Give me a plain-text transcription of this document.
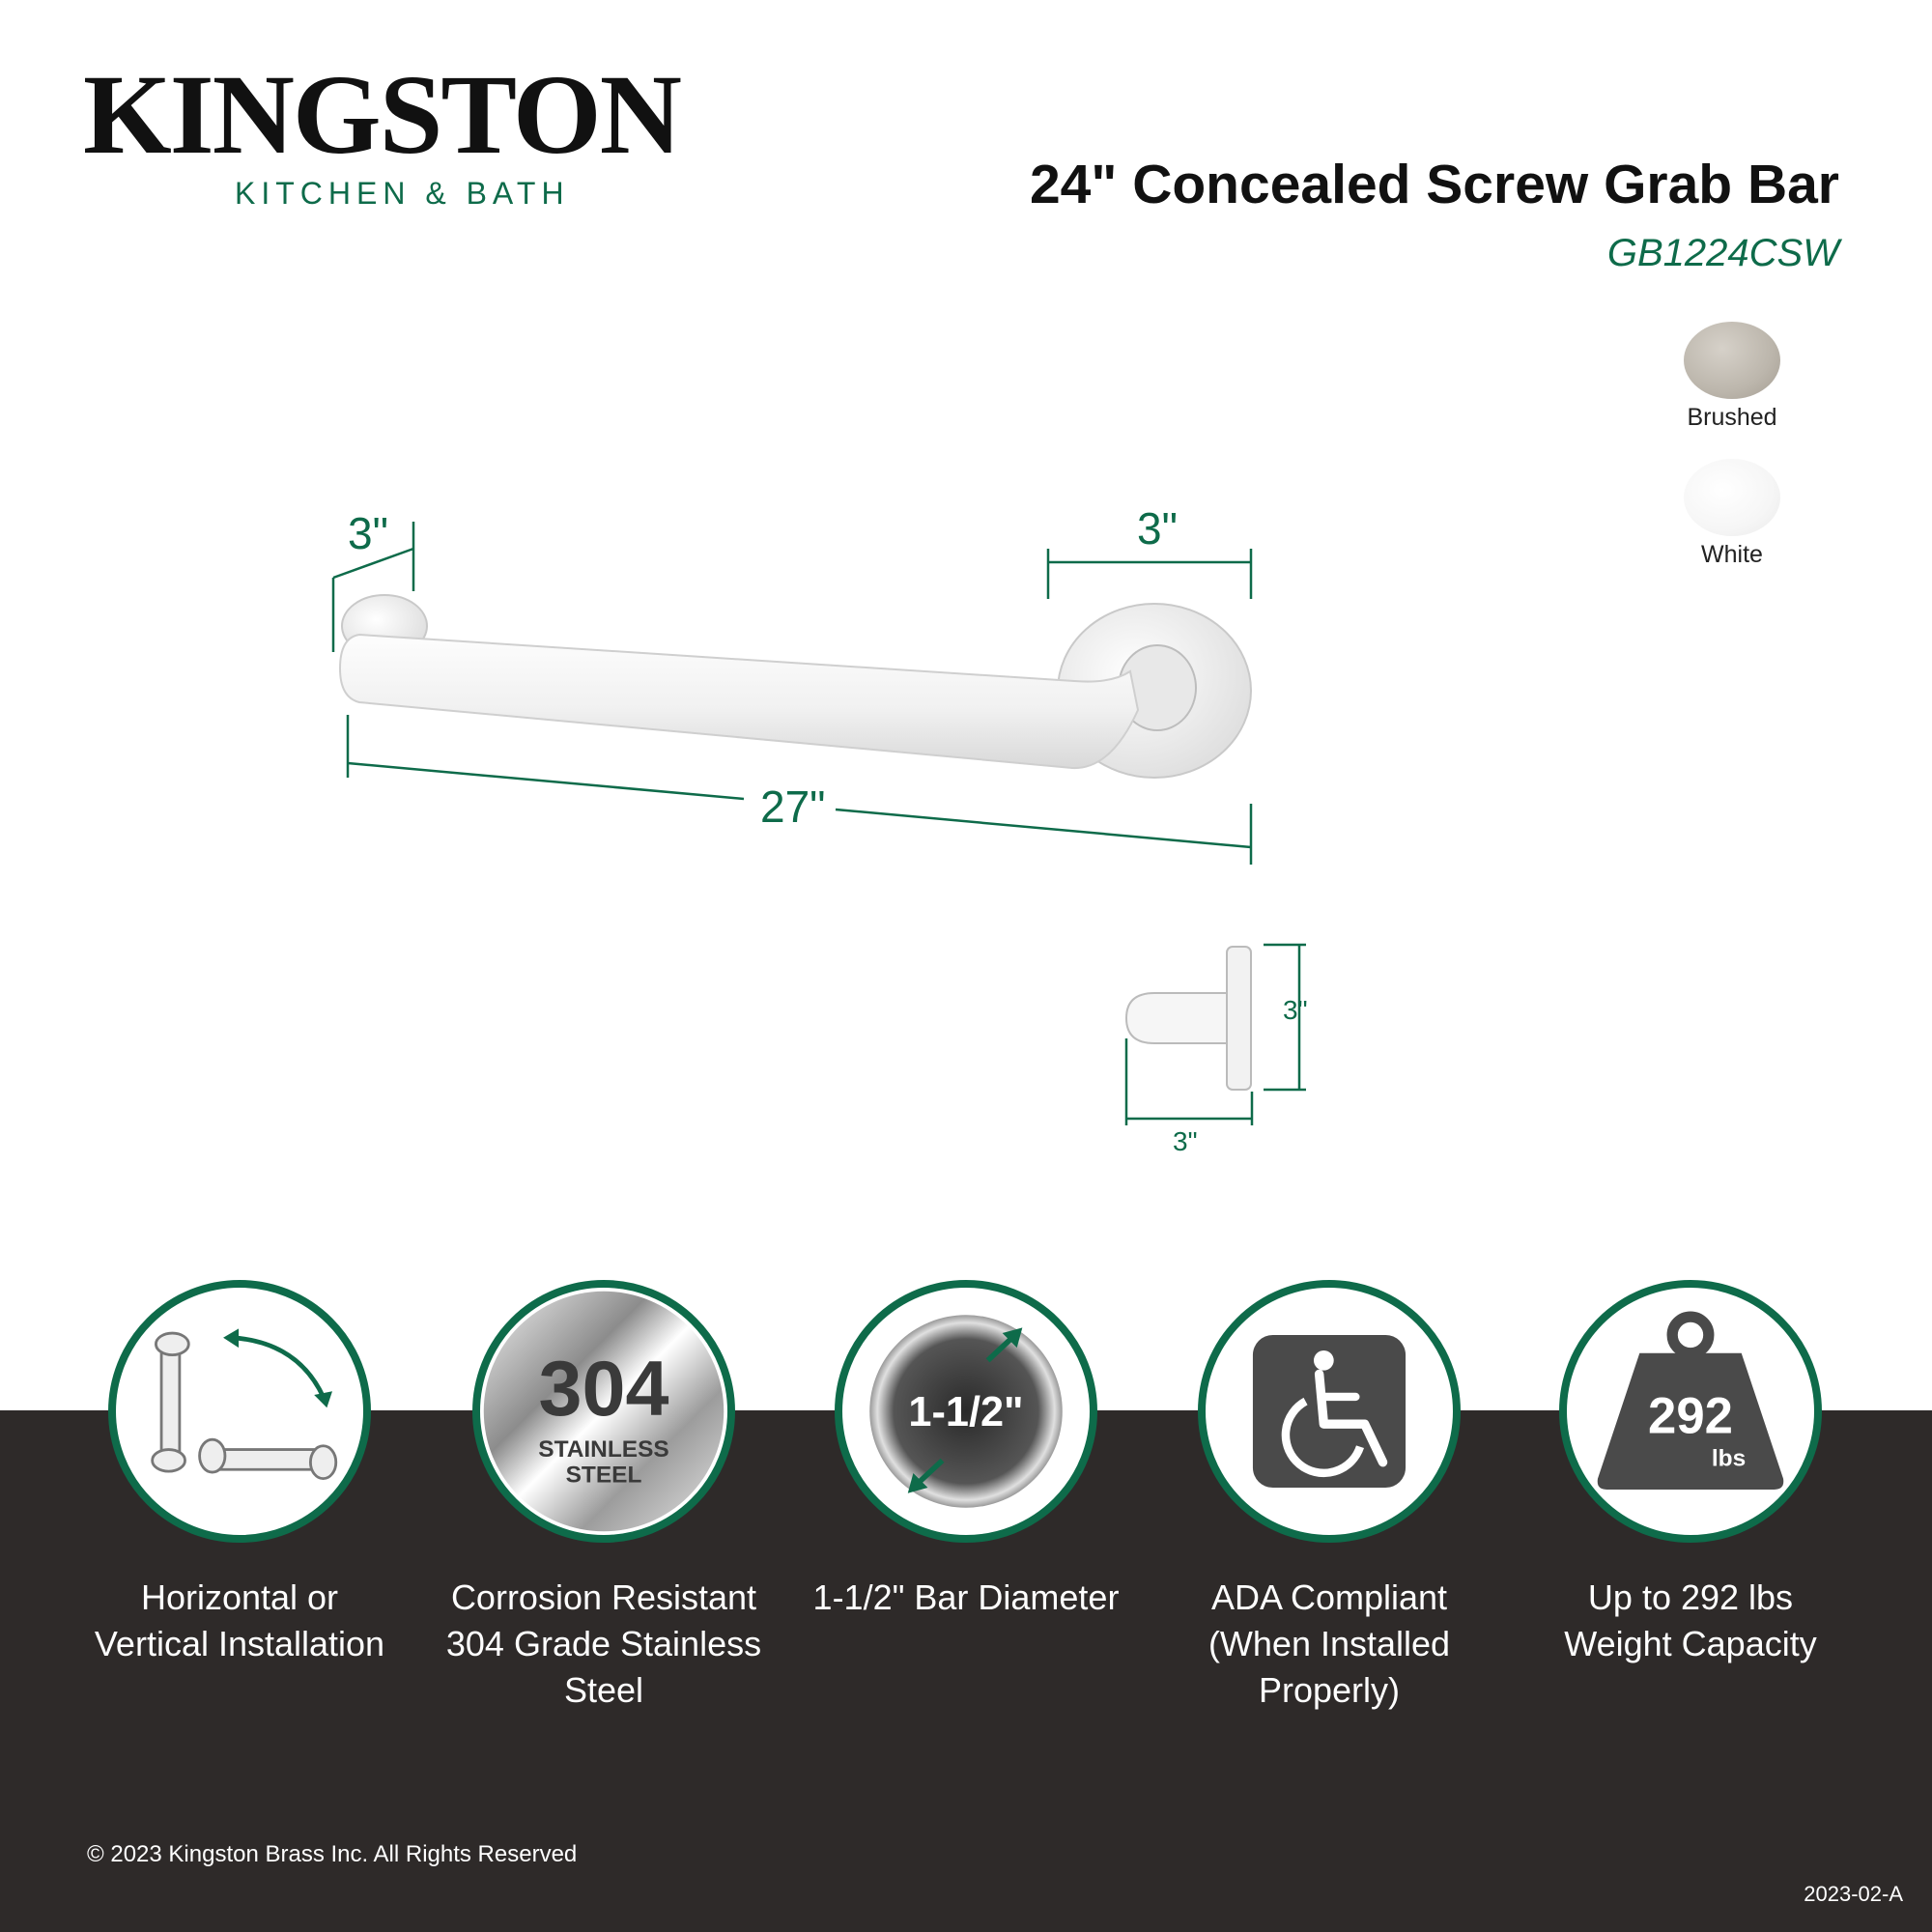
KINGSTON
KITCHEN & BATH	24" Concealed Screw Grab Bar
GB1224CSW
Brushed
White
3"	3"
27"
3"
3"
304
STAINLESS
STEEL
1-1/2"	292
lbs
Horizontal or
Vertical Installation
Corrosion Resistant
304 Grade Stainless
Steel
1-1/2" Bar Diameter	ADA Compliant
(When Installed
Properly)
Up to 292 lbs
Weight Capacity
© 2023 Kingston Brass Inc. All Rights Reserved
2023-02-A
